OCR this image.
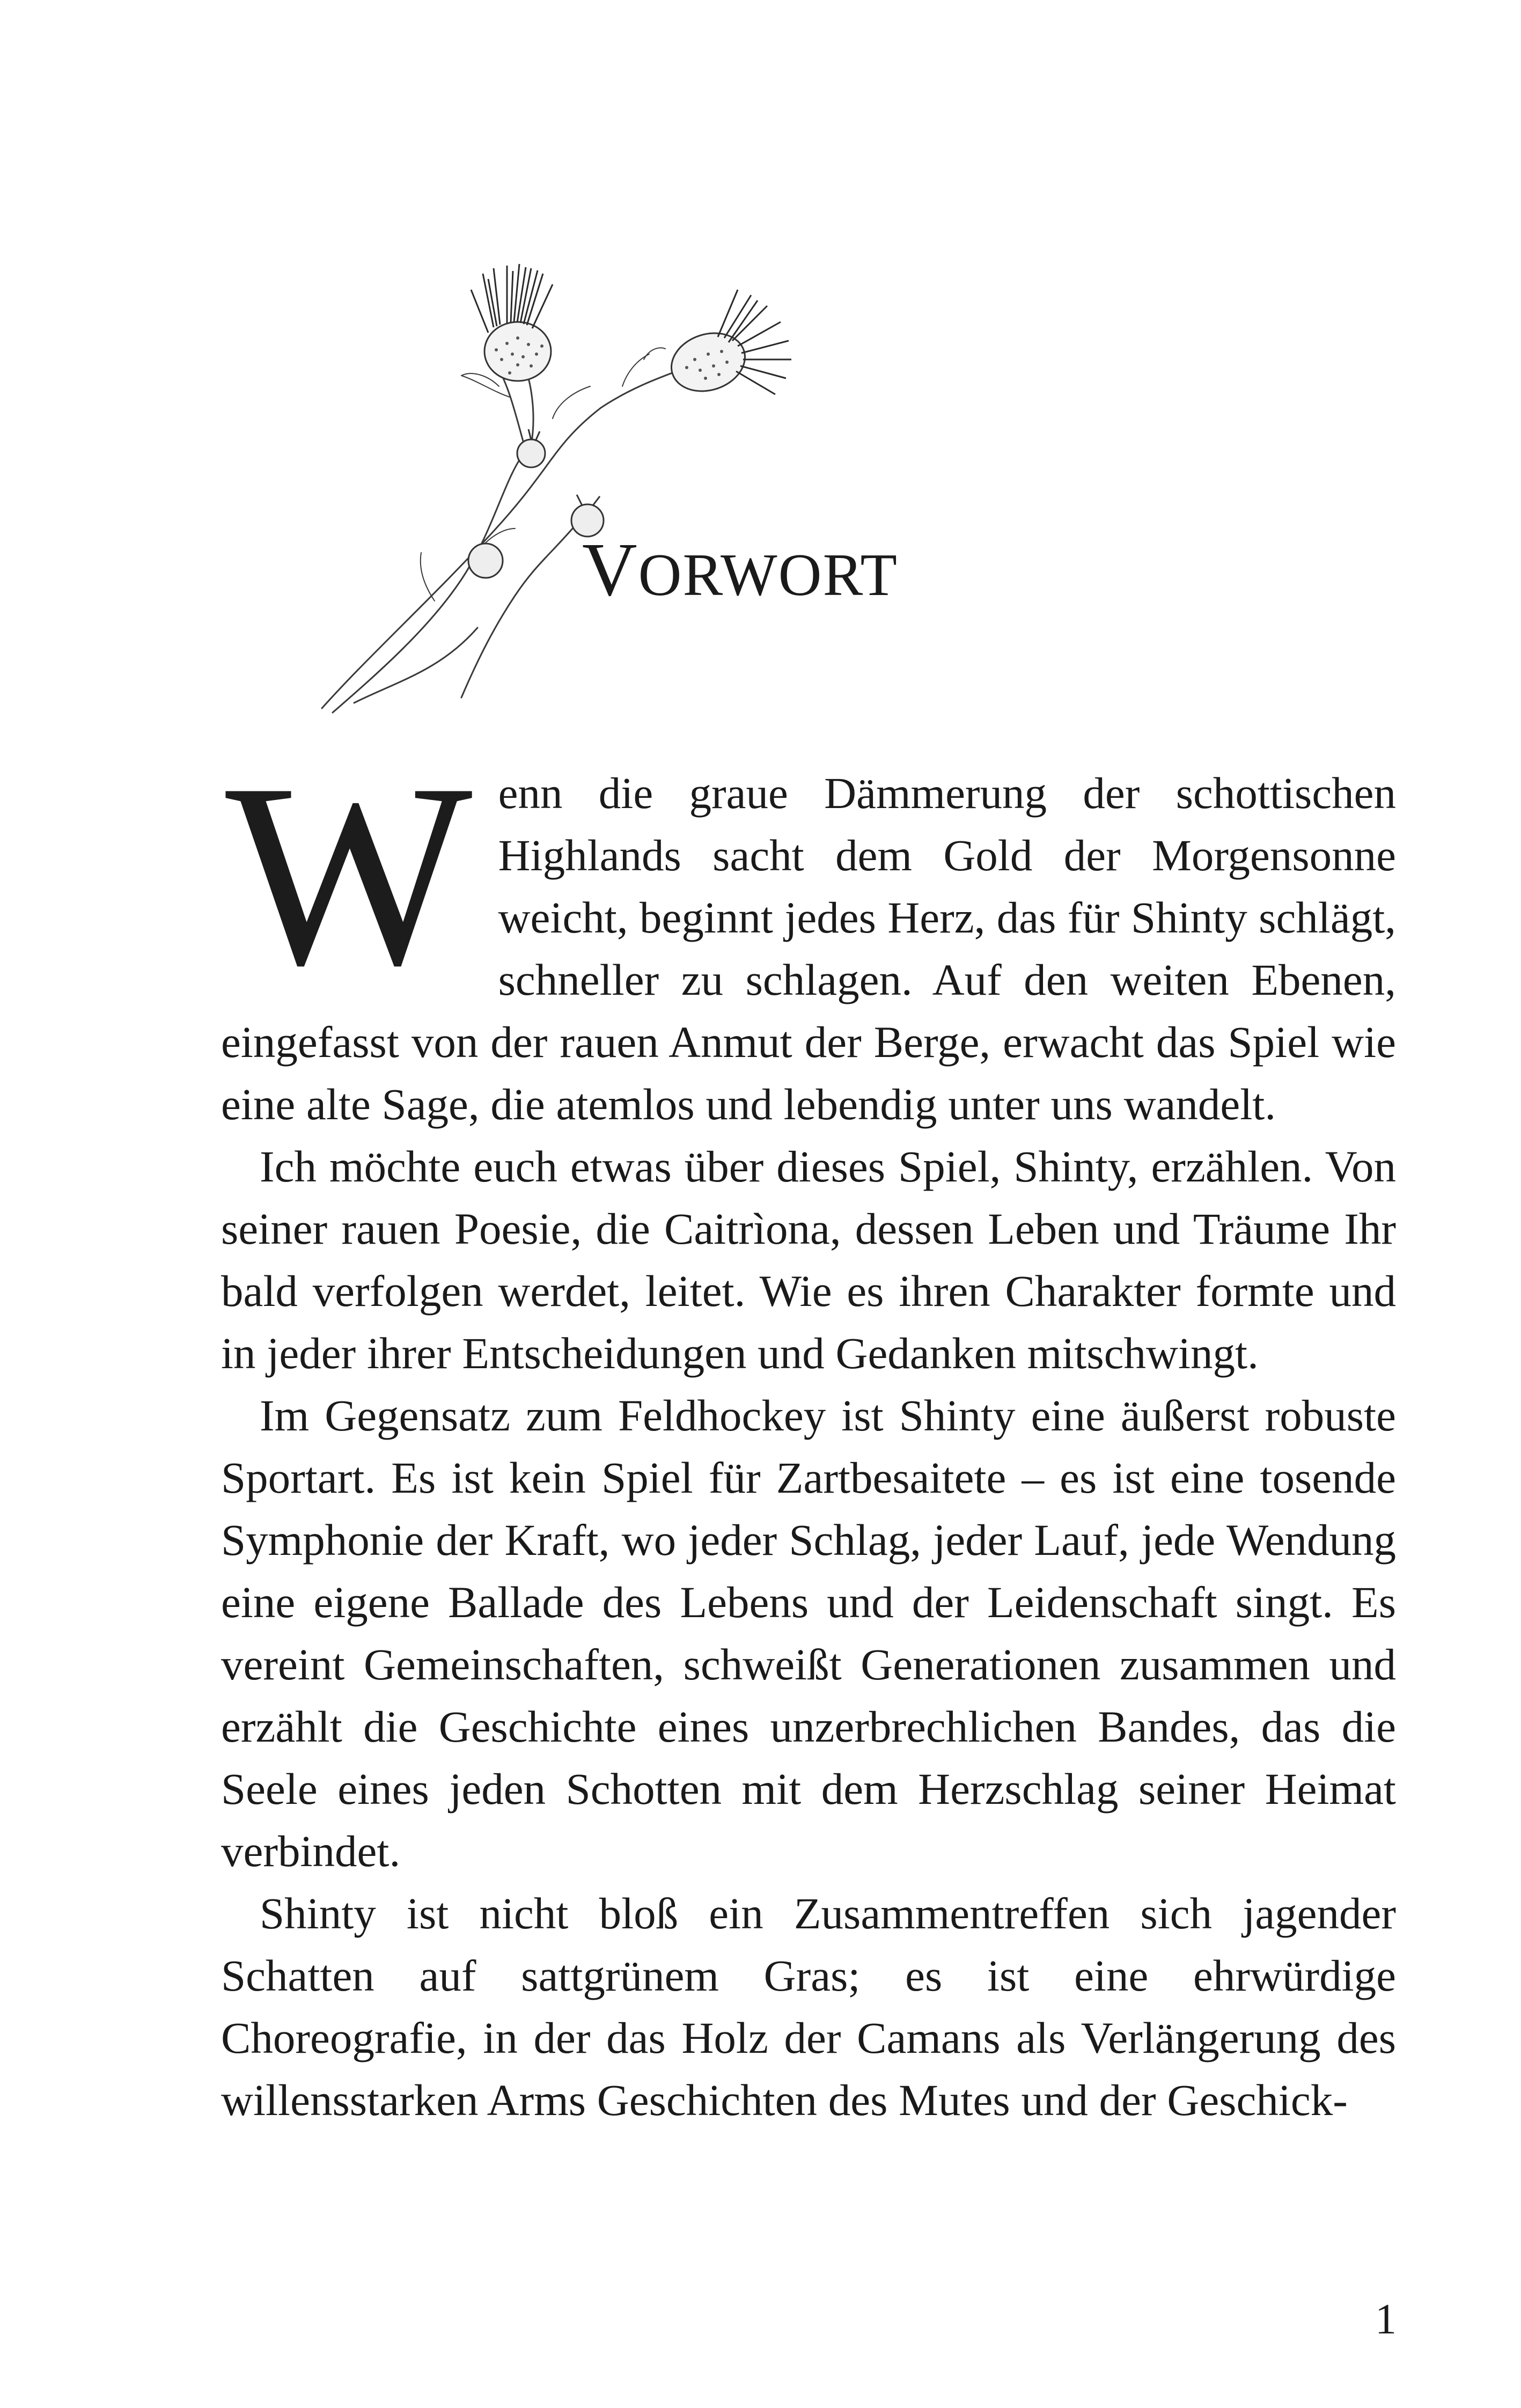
VORWORT

Wenn die graue Dämmerung der schottischen Highlands sacht dem Gold der Morgensonne weicht, beginnt jedes Herz, das für Shinty schlägt, schneller zu schlagen. Auf den weiten Ebenen, eingefasst von der rauen Anmut der Berge, erwacht das Spiel wie eine alte Sage, die atemlos und lebendig unter uns wandelt.

Ich möchte euch etwas über dieses Spiel, Shinty, erzählen. Von seiner rauen Poesie, die Caitrìona, dessen Leben und Träume Ihr bald verfolgen werdet, leitet. Wie es ihren Charakter formte und in jeder ihrer Entscheidungen und Gedanken mitschwingt.

Im Gegensatz zum Feldhockey ist Shinty eine äußerst robuste Sportart. Es ist kein Spiel für Zartbesaitete – es ist eine tosende Symphonie der Kraft, wo jeder Schlag, jeder Lauf, jede Wendung eine eigene Ballade des Lebens und der Leidenschaft singt. Es vereint Gemeinschaften, schweißt Generationen zusammen und erzählt die Geschichte eines unzerbrechlichen Bandes, das die Seele eines jeden Schotten mit dem Herzschlag seiner Heimat verbindet.

Shinty ist nicht bloß ein Zusammentreffen sich jagender Schatten auf sattgrünem Gras; es ist eine ehrwürdige Choreografie, in der das Holz der Camans als Verlängerung des willensstarken Arms Geschichten des Mutes und der Geschick-

1
